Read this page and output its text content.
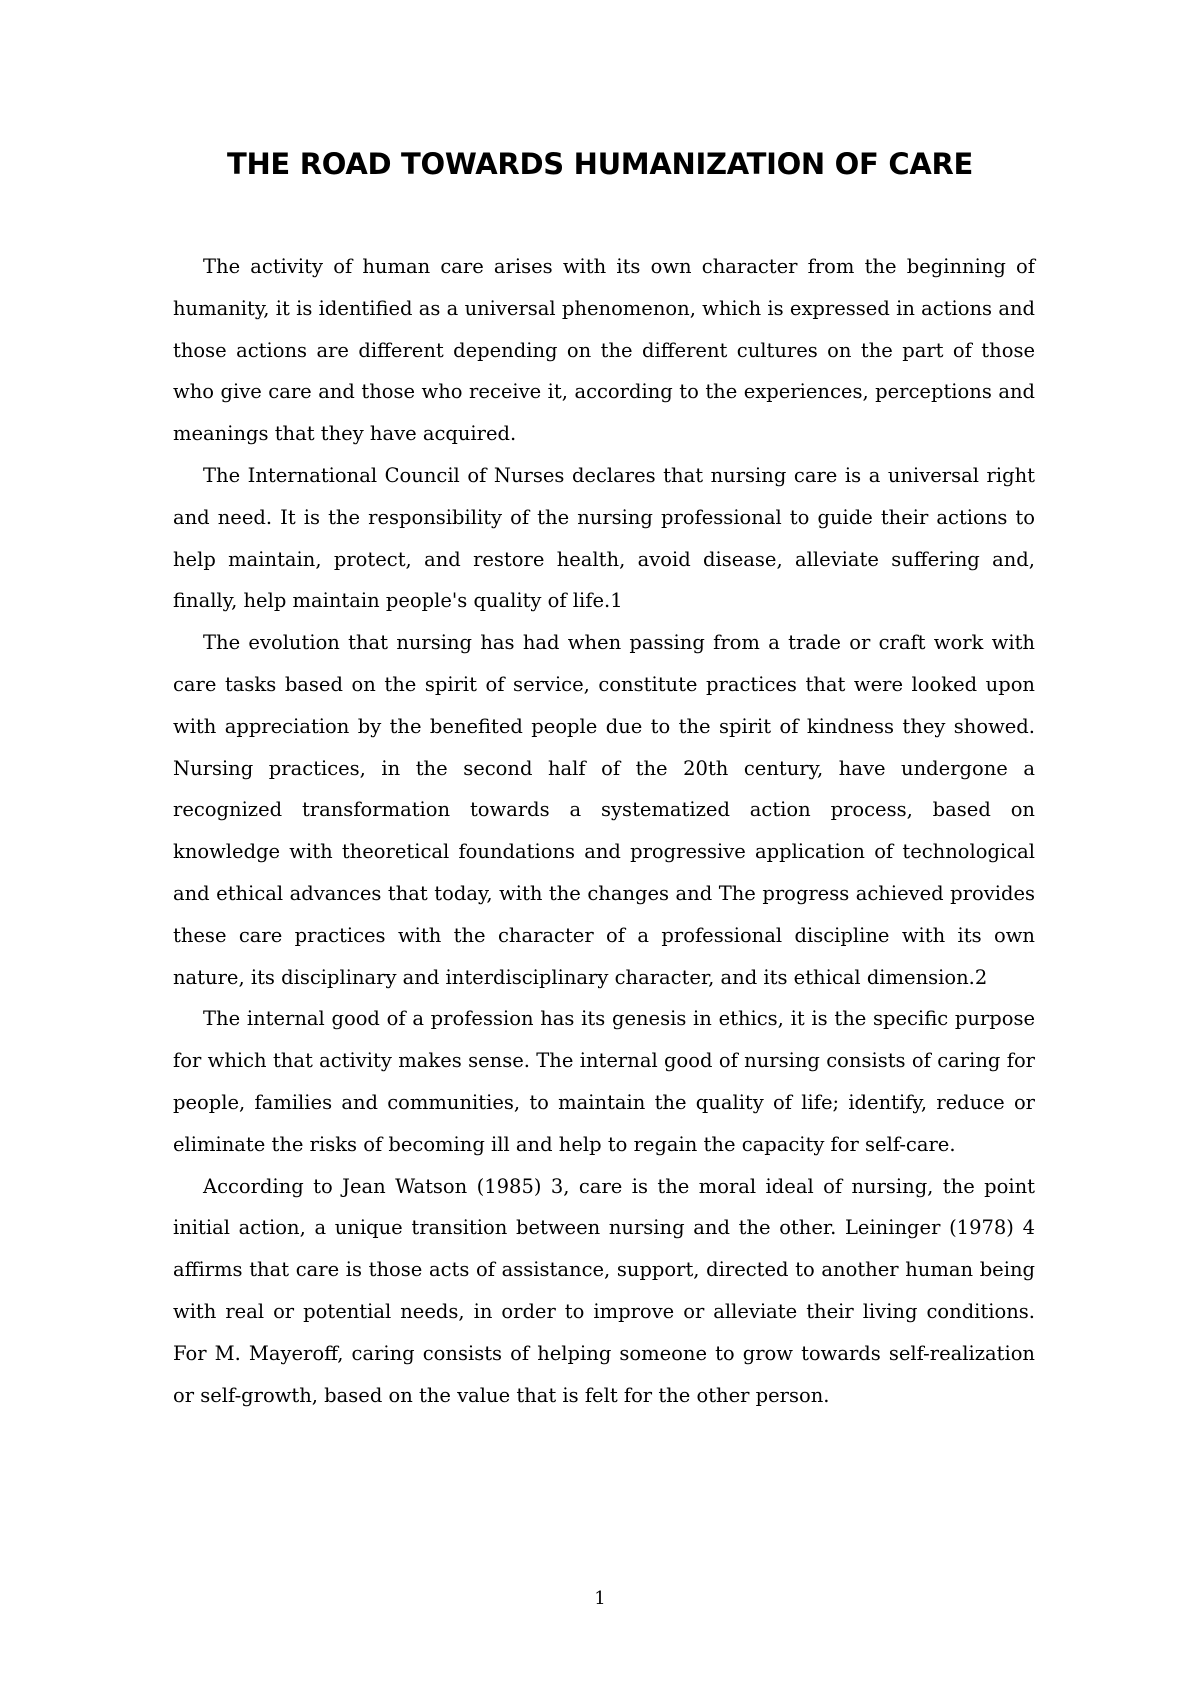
THE ROAD TOWARDS HUMANIZATION OF CARE

The activity of human care arises with its own character from the beginning of humanity, it is identified as a universal phenomenon, which is expressed in actions and those actions are different depending on the different cultures on the part of those who give care and those who receive it, according to the experiences, perceptions and meanings that they have acquired.

The International Council of Nurses declares that nursing care is a universal right and need. It is the responsibility of the nursing professional to guide their actions to help maintain, protect, and restore health, avoid disease, alleviate suffering and, finally, help maintain people's quality of life.1

The evolution that nursing has had when passing from a trade or craft work with care tasks based on the spirit of service, constitute practices that were looked upon with appreciation by the benefited people due to the spirit of kindness they showed. Nursing practices, in the second half of the 20th century, have undergone a recognized transformation towards a systematized action process, based on knowledge with theoretical foundations and progressive application of technological and ethical advances that today, with the changes and The progress achieved provides these care practices with the character of a professional discipline with its own nature, its disciplinary and interdisciplinary character, and its ethical dimension.2

The internal good of a profession has its genesis in ethics, it is the specific purpose for which that activity makes sense. The internal good of nursing consists of caring for people, families and communities, to maintain the quality of life; identify, reduce or eliminate the risks of becoming ill and help to regain the capacity for self-care.

According to Jean Watson (1985) 3, care is the moral ideal of nursing, the point initial action, a unique transition between nursing and the other. Leininger (1978) 4 affirms that care is those acts of assistance, support, directed to another human being with real or potential needs, in order to improve or alleviate their living conditions. For M. Mayeroff, caring consists of helping someone to grow towards self-realization or self-growth, based on the value that is felt for the other person.

1
